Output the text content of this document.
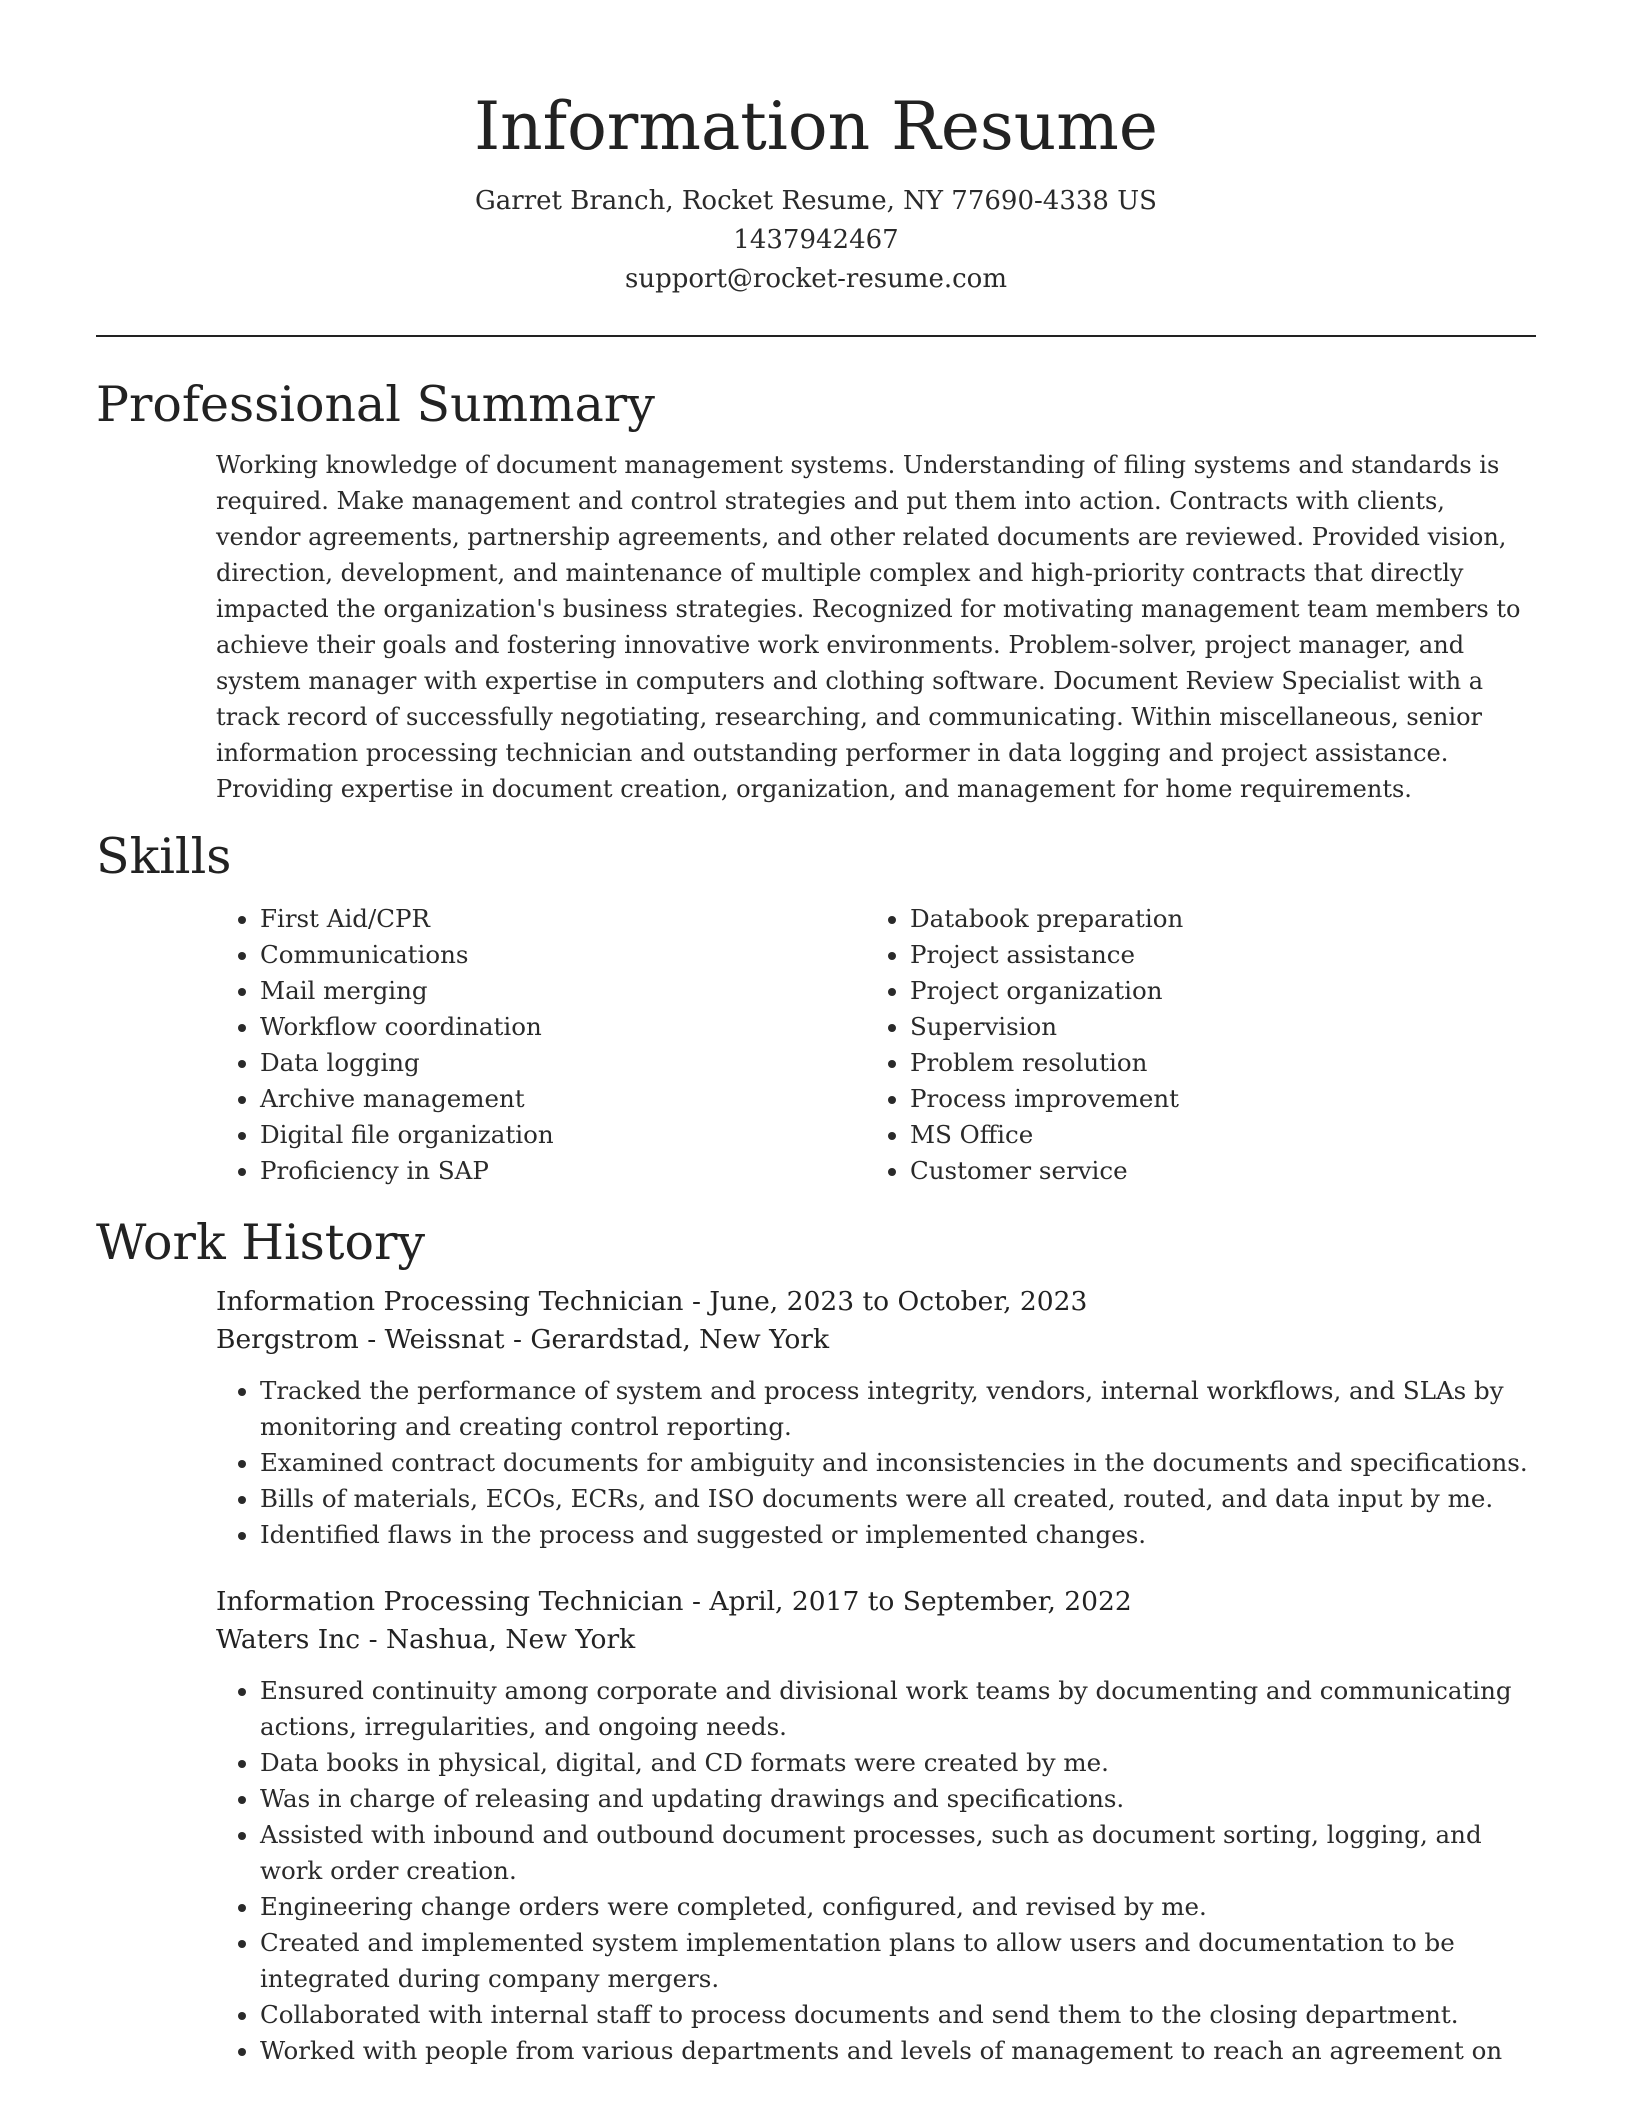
Information Resume
Garret Branch, Rocket Resume, NY 77690-4338 US
1437942467
support@rocket-resume.com
Professional Summary
Working knowledge of document management systems. Understanding of filing systems and standards is required. Make management and control strategies and put them into action. Contracts with clients, vendor agreements, partnership agreements, and other related documents are reviewed. Provided vision, direction, development, and maintenance of multiple complex and high-priority contracts that directly impacted the organization's business strategies. Recognized for motivating management team members to achieve their goals and fostering innovative work environments. Problem-solver, project manager, and system manager with expertise in computers and clothing software. Document Review Specialist with a track record of successfully negotiating, researching, and communicating. Within miscellaneous, senior information processing technician and outstanding performer in data logging and project assistance. Providing expertise in document creation, organization, and management for home requirements.
Skills
• First Aid/CPR
• Communications
• Mail merging
• Workflow coordination
• Data logging
• Archive management
• Digital file organization
• Proficiency in SAP
• Databook preparation
• Project assistance
• Project organization
• Supervision
• Problem resolution
• Process improvement
• MS Office
• Customer service
Work History
Information Processing Technician - June, 2023 to October, 2023
Bergstrom - Weissnat - Gerardstad, New York
• Tracked the performance of system and process integrity, vendors, internal workflows, and SLAs by monitoring and creating control reporting.
• Examined contract documents for ambiguity and inconsistencies in the documents and specifications.
• Bills of materials, ECOs, ECRs, and ISO documents were all created, routed, and data input by me.
• Identified flaws in the process and suggested or implemented changes.
Information Processing Technician - April, 2017 to September, 2022
Waters Inc - Nashua, New York
• Ensured continuity among corporate and divisional work teams by documenting and communicating actions, irregularities, and ongoing needs.
• Data books in physical, digital, and CD formats were created by me.
• Was in charge of releasing and updating drawings and specifications.
• Assisted with inbound and outbound document processes, such as document sorting, logging, and work order creation.
• Engineering change orders were completed, configured, and revised by me.
• Created and implemented system implementation plans to allow users and documentation to be integrated during company mergers.
• Collaborated with internal staff to process documents and send them to the closing department.
• Worked with people from various departments and levels of management to reach an agreement on
